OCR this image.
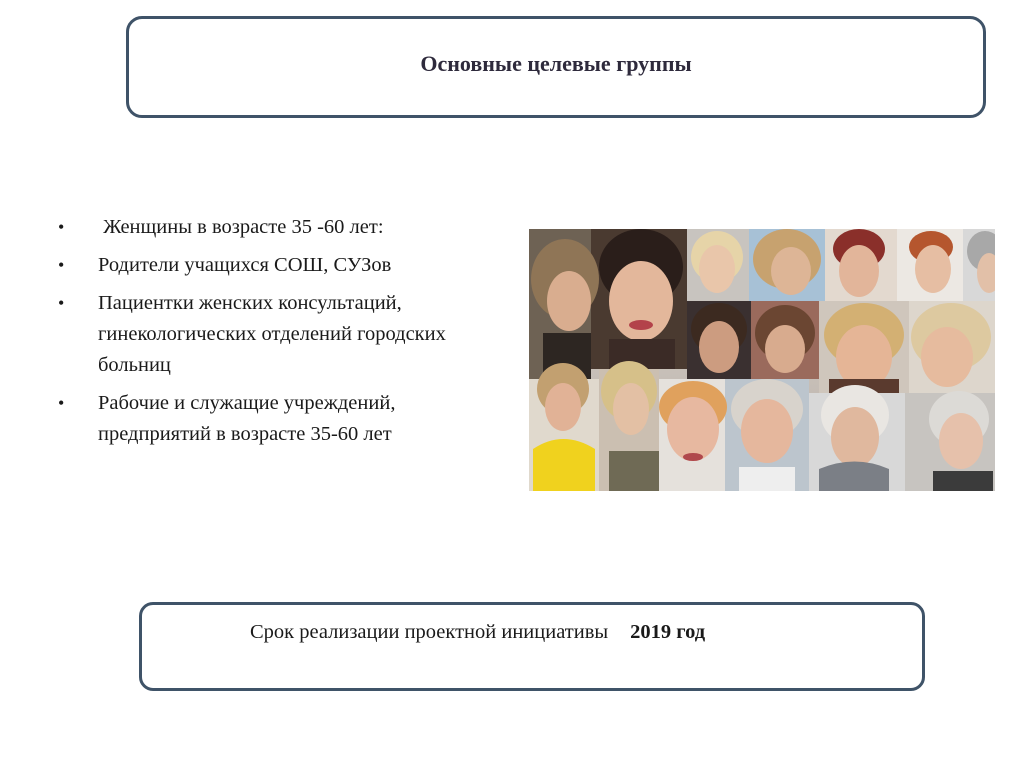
Основные целевые группы
• Женщины в возрасте 35 -60 лет:
• Родители учащихся СОШ, СУЗов
• Пациентки женских консультаций, гинекологических отделений городских больниц
• Рабочие и служащие учреждений, предприятий в возрасте 35-60 лет
Срок реализации проектной инициативы 2019 год
